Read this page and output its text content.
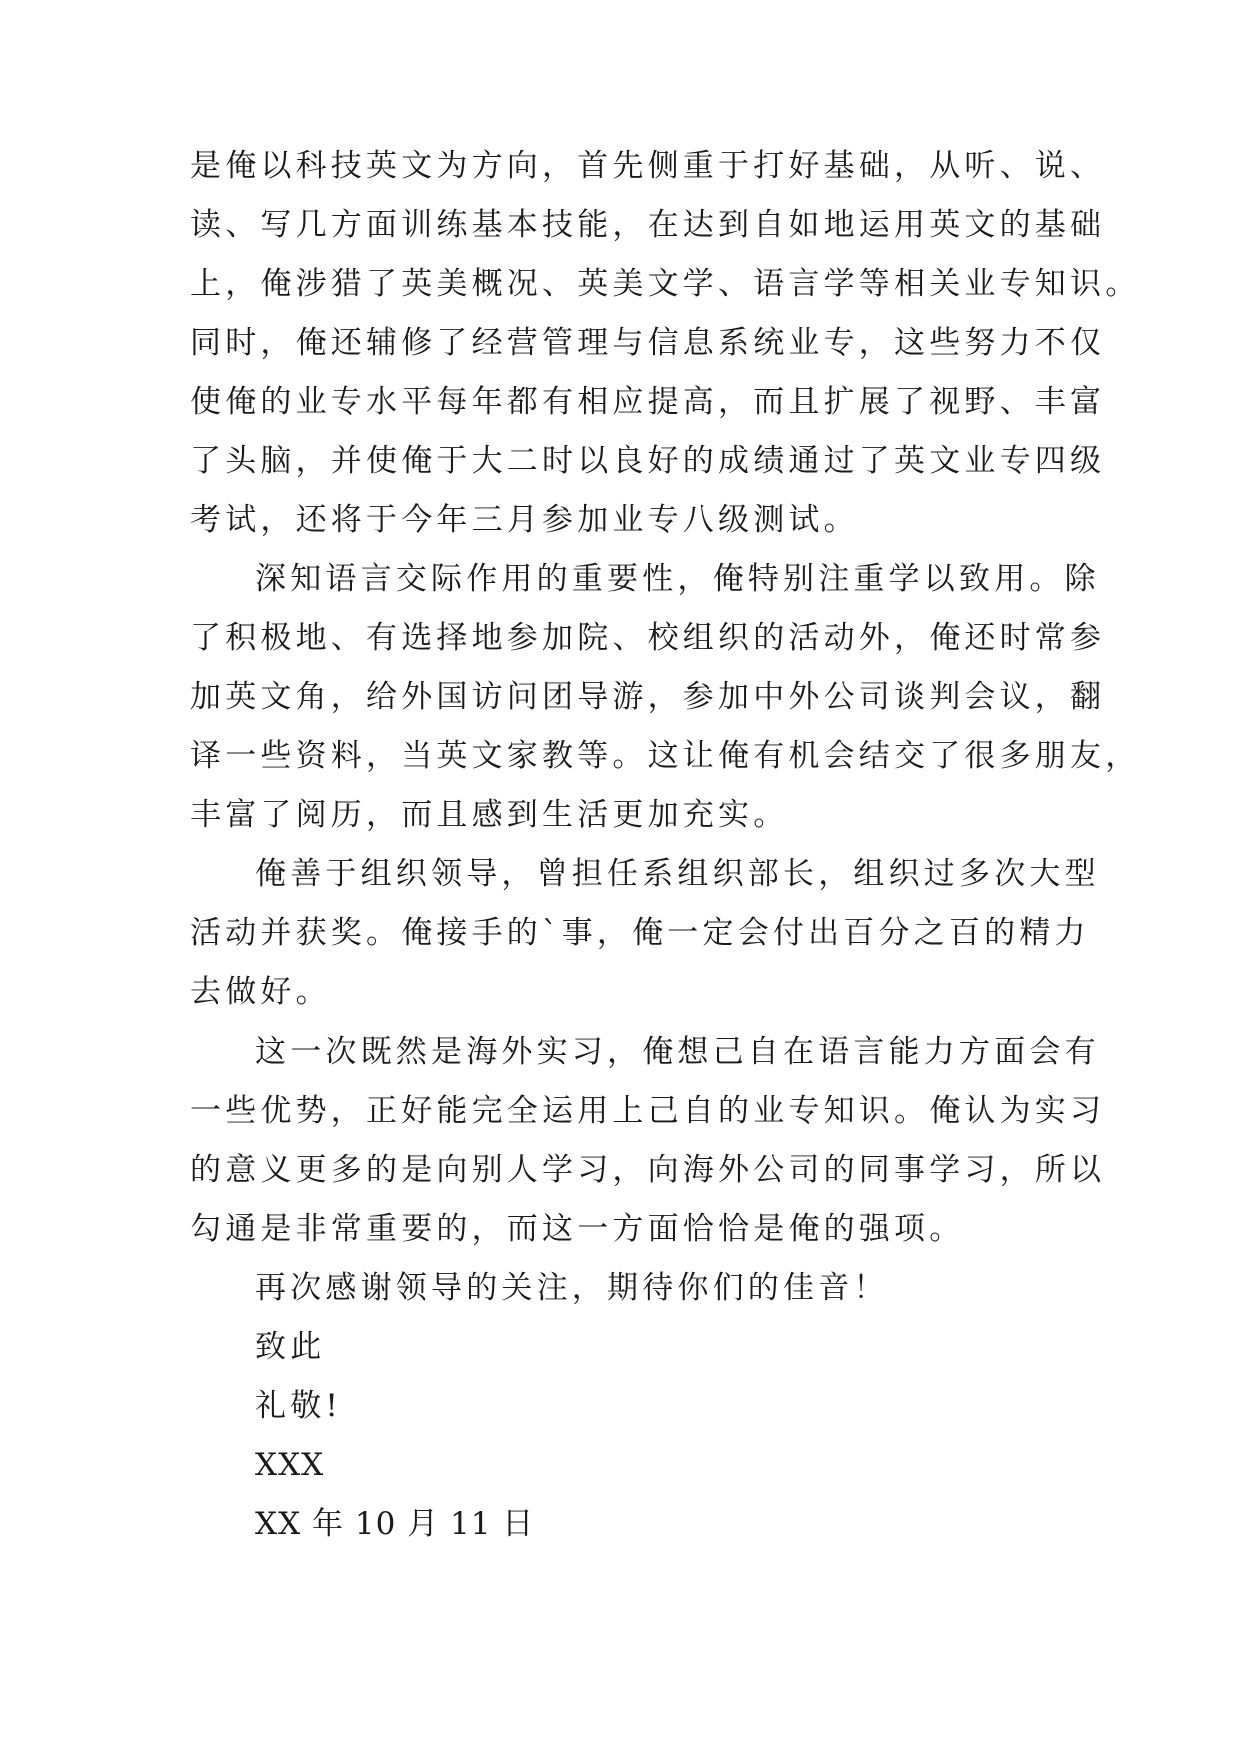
是俺以科技英文为方向，首先侧重于打好基础，从听、说、
读、写几方面训练基本技能，在达到自如地运用英文的基础
上，俺涉猎了英美概况、英美文学、语言学等相关业专知识。
同时，俺还辅修了经营管理与信息系统业专，这些努力不仅
使俺的业专水平每年都有相应提高，而且扩展了视野、丰富
了头脑，并使俺于大二时以良好的成绩通过了英文业专四级
考试，还将于今年三月参加业专八级测试。
深知语言交际作用的重要性，俺特别注重学以致用。除
了积极地、有选择地参加院、校组织的活动外，俺还时常参
加英文角，给外国访问团导游，参加中外公司谈判会议，翻
译一些资料，当英文家教等。这让俺有机会结交了很多朋友，
丰富了阅历，而且感到生活更加充实。
俺善于组织领导，曾担任系组织部长，组织过多次大型
活动并获奖。俺接手的`事，俺一定会付出百分之百的精力
去做好。
这一次既然是海外实习，俺想己自在语言能力方面会有
一些优势，正好能完全运用上己自的业专知识。俺认为实习
的意义更多的是向别人学习，向海外公司的同事学习，所以
勾通是非常重要的，而这一方面恰恰是俺的强项。
再次感谢领导的关注，期待你们的佳音！
致此
礼敬!
XXX
XX 年 10 月 11 日
